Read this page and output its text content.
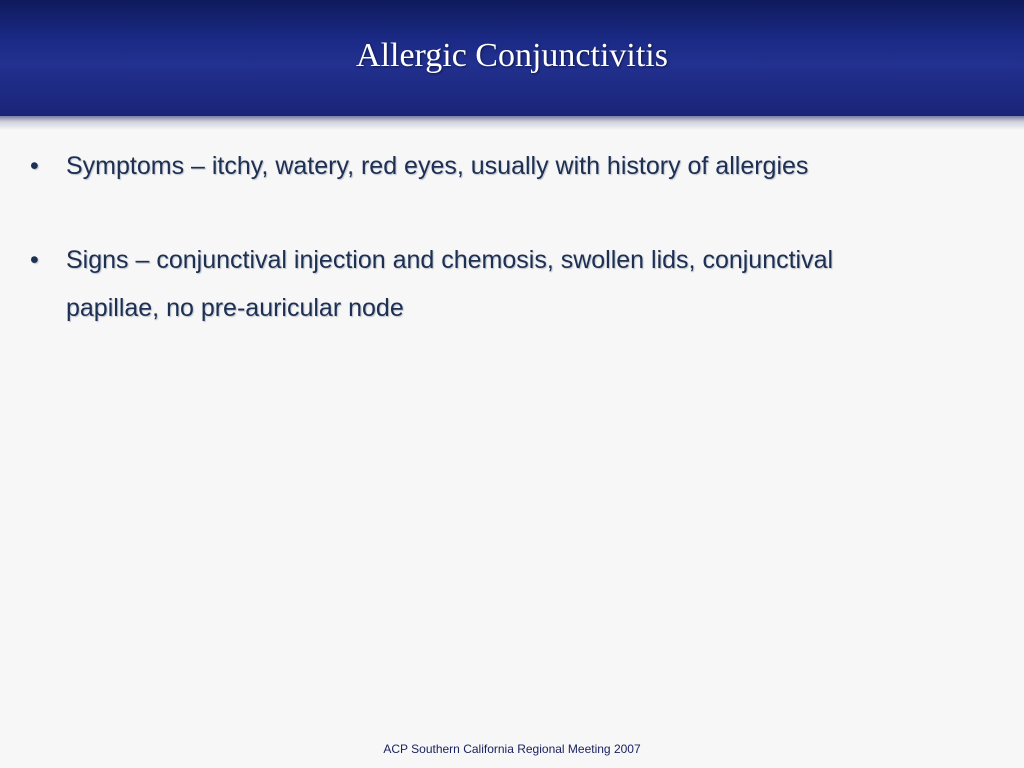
Allergic Conjunctivitis
• Symptoms – itchy, watery, red eyes, usually with history of allergies
• Signs – conjunctival injection and chemosis, swollen lids, conjunctival papillae, no pre-auricular node
ACP Southern California Regional Meeting 2007
